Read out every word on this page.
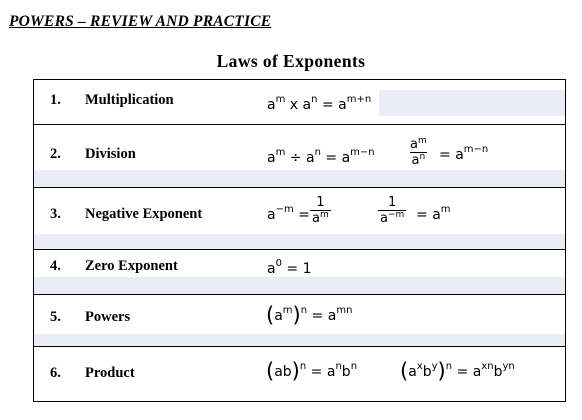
POWERS – REVIEW AND PRACTICE
Laws of Exponents
1. Multiplication	$a^m$ x $a^n = a^{m+n}$
2. Division	$a^m \div a^n = a^{m-n}$	$\frac{a^m}{a^n} = a^{m-n}$
3. Negative Exponent	$a^{-m} = \frac{1}{a^m}$	$\frac{1}{a^{-m}} = a^m$
4. Zero Exponent	$a^0 = 1$
5. Powers	$(a^m)^n = a^{mn}$
6. Product	$(ab)^n = a^nb^n$ $(a^xb^y)^n = a^{xn}b^{yn}$
